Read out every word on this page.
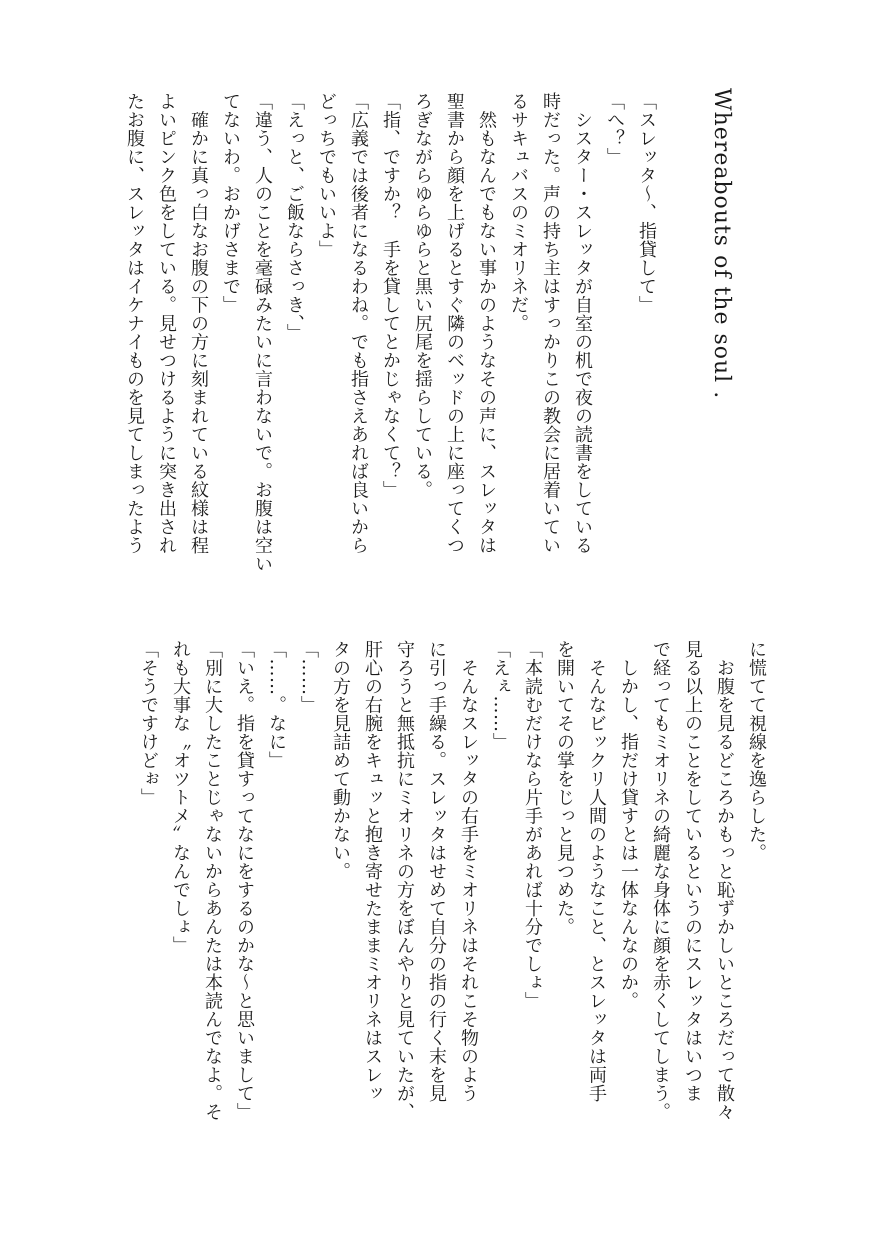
Whereabouts of the soul .
「スレッタ〜、指貸して」
「へ？」
　シスター・スレッタが自室の机で夜の読書をしている
時だった。声の持ち主はすっかりこの教会に居着いてい
るサキュバスのミオリネだ。
　然もなんでもない事かのようなその声に、スレッタは
聖書から顔を上げるとすぐ隣のベッドの上に座ってくつ
ろぎながらゆらゆらと黒い尻尾を揺らしている。
「指、ですか？　手を貸してとかじゃなくて？」
「広義では後者になるわね。でも指さえあれば良いから
どっちでもいいよ」
「えっと、ご飯ならさっき、」
「違う、人のことを毫碌みたいに言わないで。お腹は空い
てないわ。おかげさまで」
　確かに真っ白なお腹の下の方に刻まれている紋様は程
よいピンク色をしている。見せつけるように突き出され
たお腹に、スレッタはイケナイものを見てしまったよう
に慌てて視線を逸らした。
　お腹を見るどころかもっと恥ずかしいところだって散々
見る以上のことをしているというのにスレッタはいつま
で経ってもミオリネの綺麗な身体に顔を赤くしてしまう。
　しかし、指だけ貸すとは一体なんなのか。
　そんなビックリ人間のようなこと、とスレッタは両手
を開いてその掌をじっと見つめた。
「本読むだけなら片手があれば十分でしょ」
「えぇ……」
　そんなスレッタの右手をミオリネはそれこそ物のよう
に引っ手繰る。スレッタはせめて自分の指の行く末を見
守ろうと無抵抗にミオリネの方をぼんやりと見ていたが、
肝心の右腕をキュッと抱き寄せたままミオリネはスレッ
タの方を見詰めて動かない。
「……」
「……。なに」
「いえ。指を貸すってなにをするのかな〜と思いまして」
「別に大したことじゃないからあんたは本読んでなよ。そ
れも大事な〝オツトメ〟なんでしょ」
「そうですけどぉ」
